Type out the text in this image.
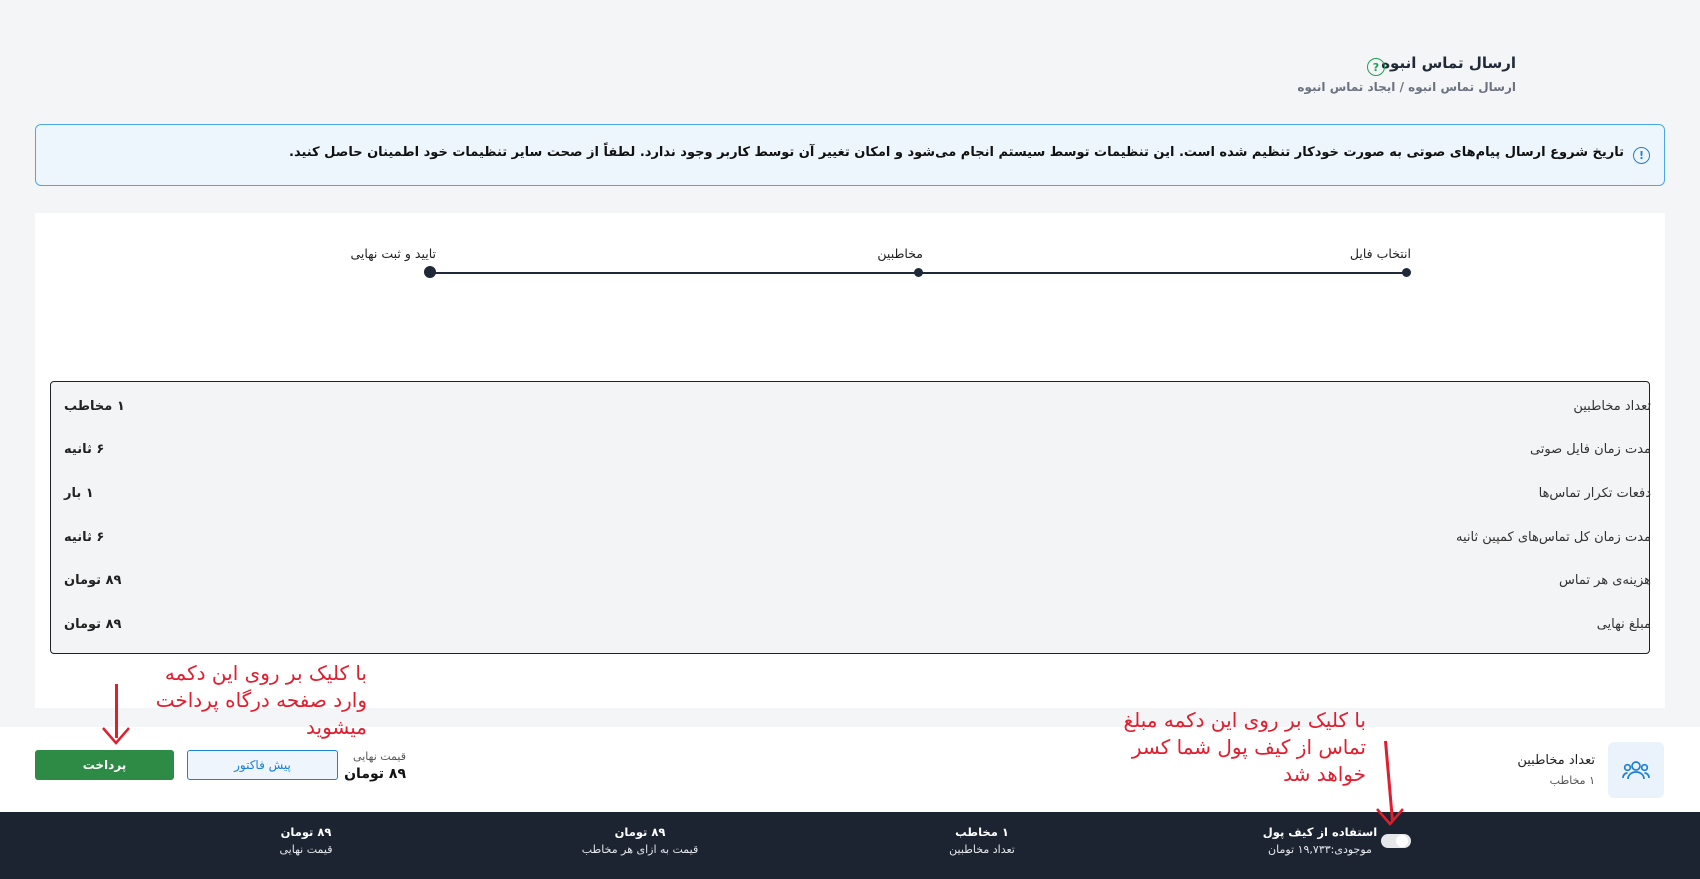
ارسال تماس انبوه
?
ارسال تماس انبوه / ایجاد تماس انبوه
!
تاریخ شروع ارسال پیام‌های صوتی به صورت خودکار تنظیم شده است. این تنظیمات توسط سیستم انجام می‌شود و امکان تغییر آن توسط کاربر وجود ندارد. لطفاً از صحت سایر تنظیمات خود اطمینان حاصل کنید.
انتخاب فایل
مخاطبین
تایید و ثبت نهایی
تعداد مخاطبین
۱ مخاطب
مدت زمان فایل صوتی
۶ ثانیه
دفعات تکرار تماس‌ها
۱ بار
مدت زمان کل تماس‌های کمپین ثانیه
۶ ثانیه
هزینه‌ی هر تماس
۸۹ تومان
مبلغ نهایی
۸۹ تومان
تعداد مخاطبین
۱ مخاطب
پرداخت	پیش فاکتور
قیمت نهایی
۸۹ تومان
استفاده از کیف پول
موجودی:۱۹,۷۳۳ تومان
۱ مخاطب
تعداد مخاطبین
۸۹ تومان
قیمت به ازای هر مخاطب
۸۹ تومان
قیمت نهایی
با کلیک بر روی این دکمه
وارد صفحه درگاه پرداخت
میشوید	با کلیک بر روی این دکمه مبلغ
تماس از کیف پول شما کسر
خواهد شد
